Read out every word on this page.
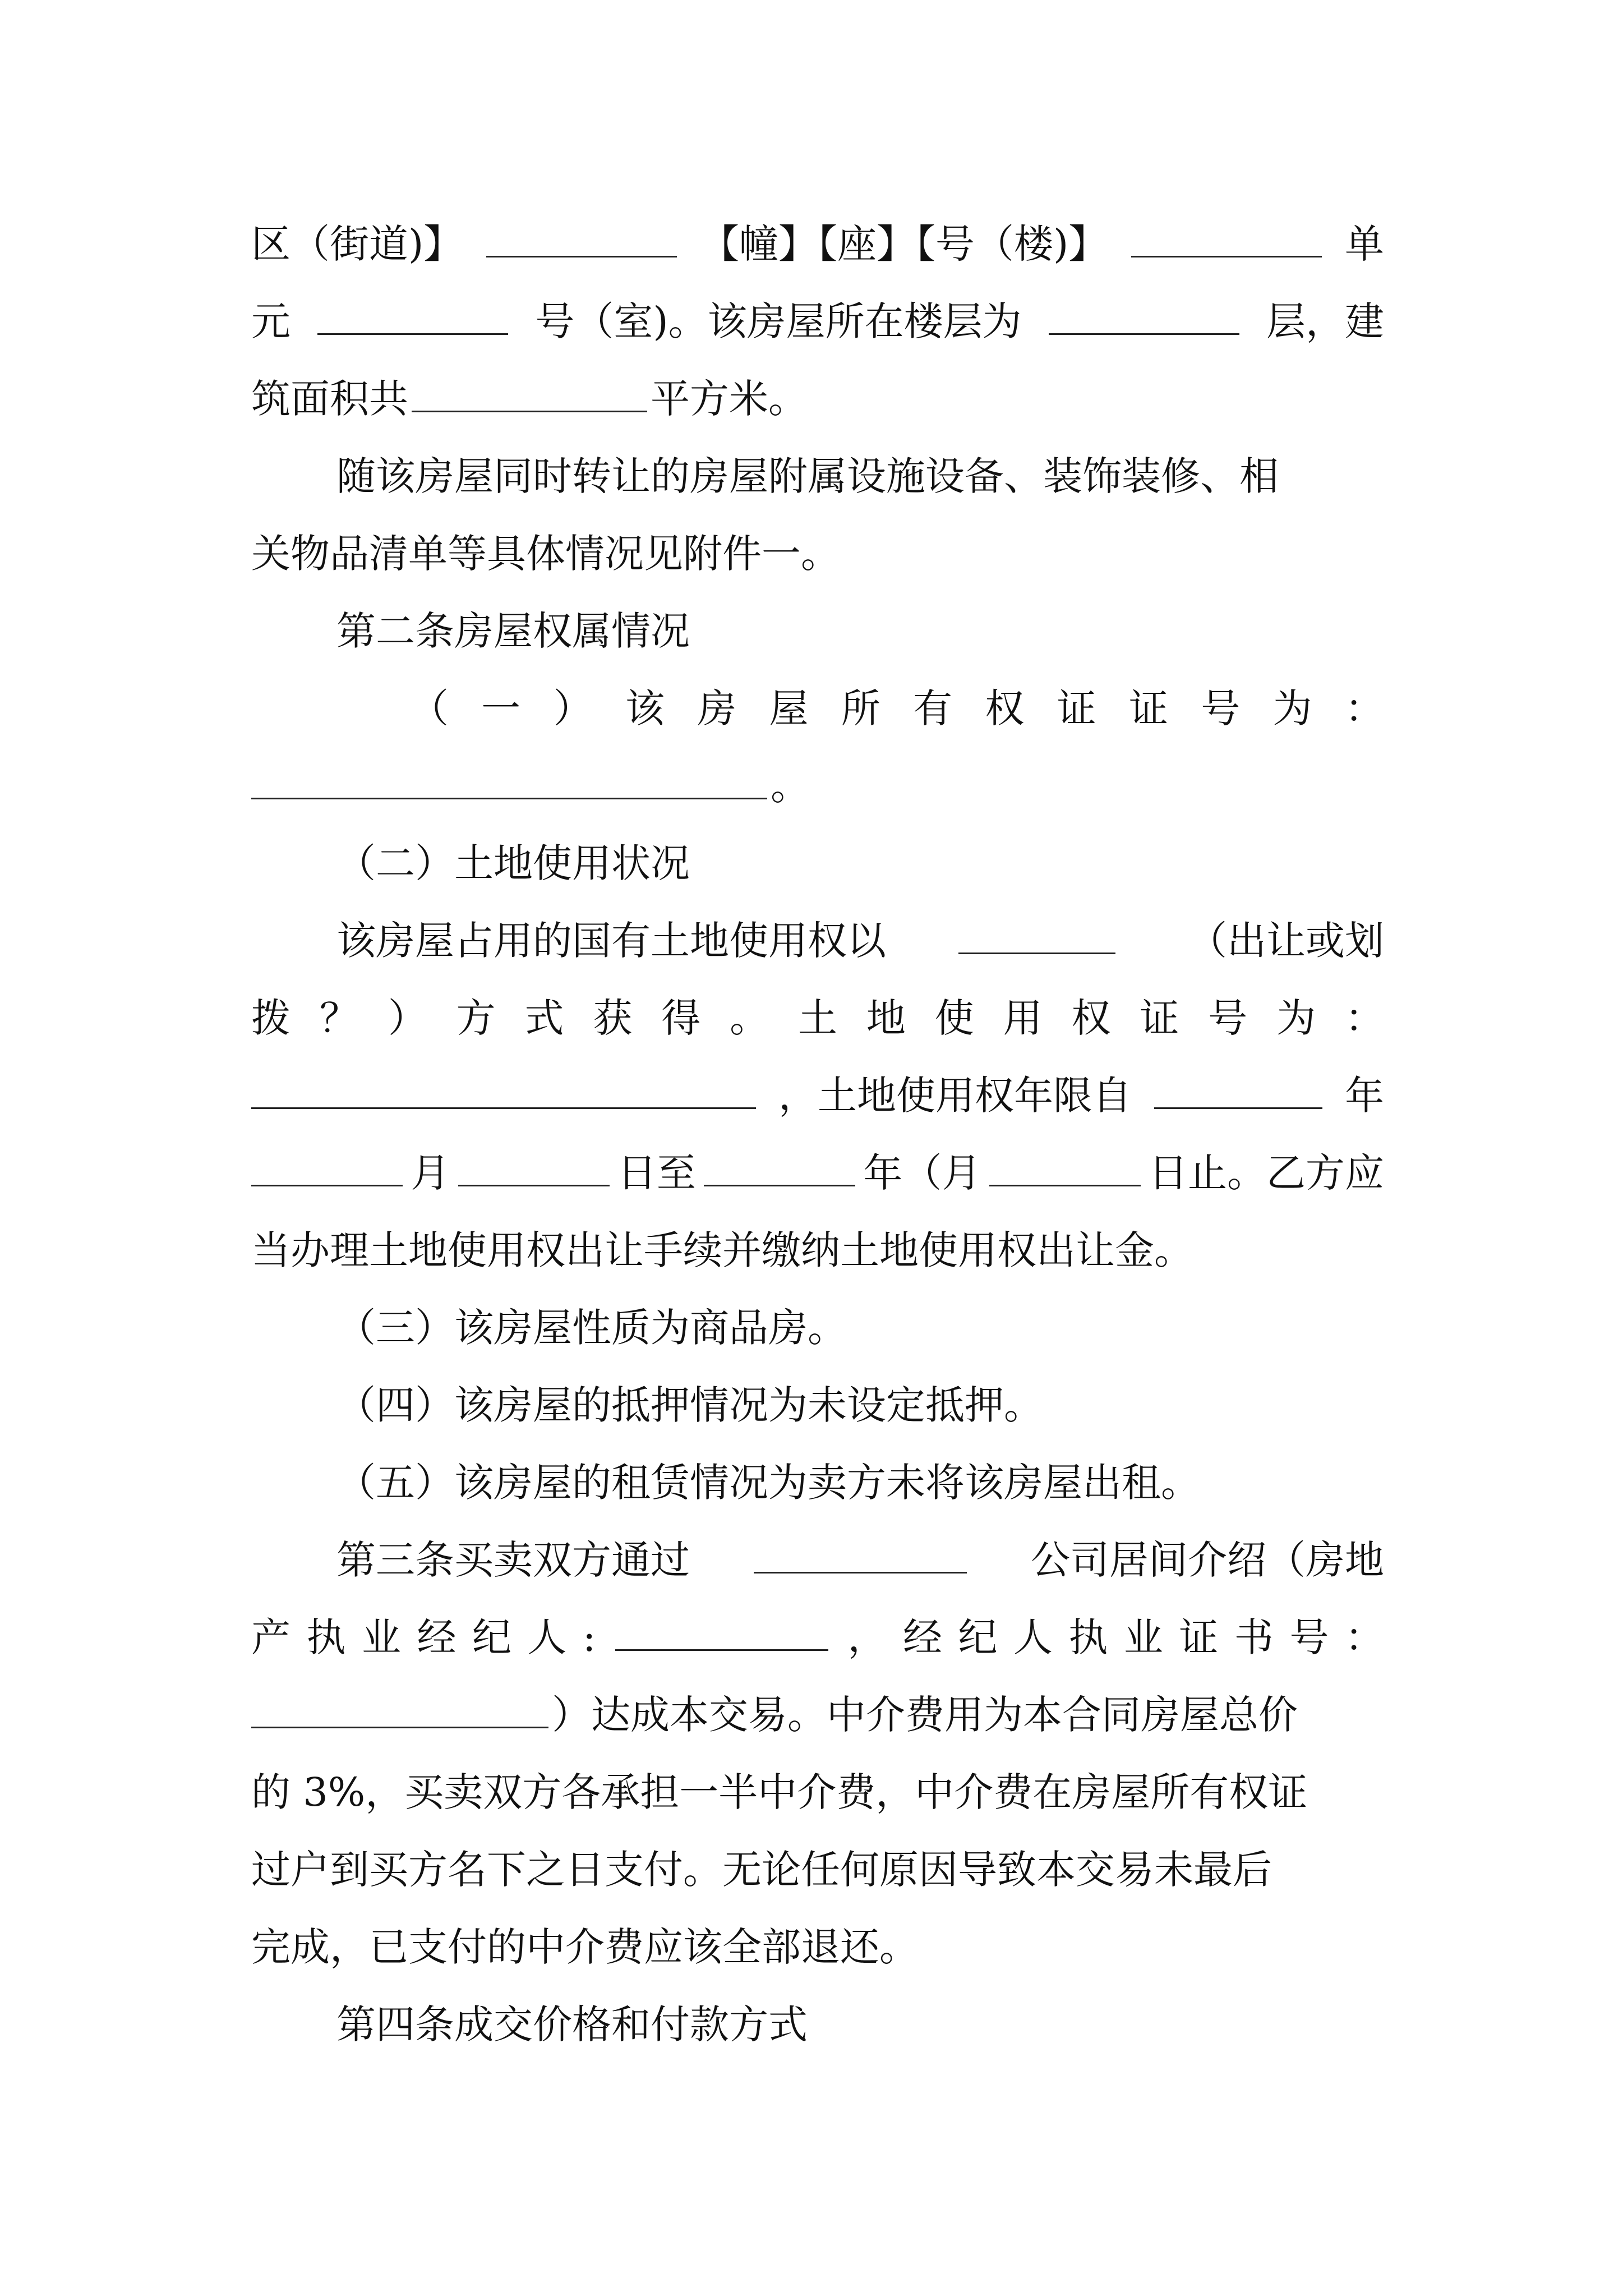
区（街道)】	【幢】【座】【号（楼)】	单
元	号（室)。该房屋所在楼层为	层，建
筑面积共	平方米。
随该房屋同时转让的房屋附属设施设备、装饰装修、相
关物品清单等具体情况见附件一。
第二条房屋权属情况
（ 一 ） 该 房 屋 所 有 权 证 证 号 为 ：
。
（二）土地使用状况
该房屋占用的国有土地使用权以	（出让或划
拨 ？ ） 方 式 获 得 。 土 地 使 用 权 证 号 为 ：
，土地使用权年限自	年
月	日至	年（月	日止。乙方应
当办理土地使用权出让手续并缴纳土地使用权出让金。
（三）该房屋性质为商品房。
（四）该房屋的抵押情况为未设定抵押。
（五）该房屋的租赁情况为卖方未将该房屋出租。
第三条买卖双方通过	公司居间介绍（房地
产 执 业 经 纪 人 :	， 经 纪 人 执 业 证 书 号 ：
）达成本交易。中介费用为本合同房屋总价
的 3%，买卖双方各承担一半中介费，中介费在房屋所有权证
过户到买方名下之日支付。无论任何原因导致本交易未最后
完成，已支付的中介费应该全部退还。
第四条成交价格和付款方式
